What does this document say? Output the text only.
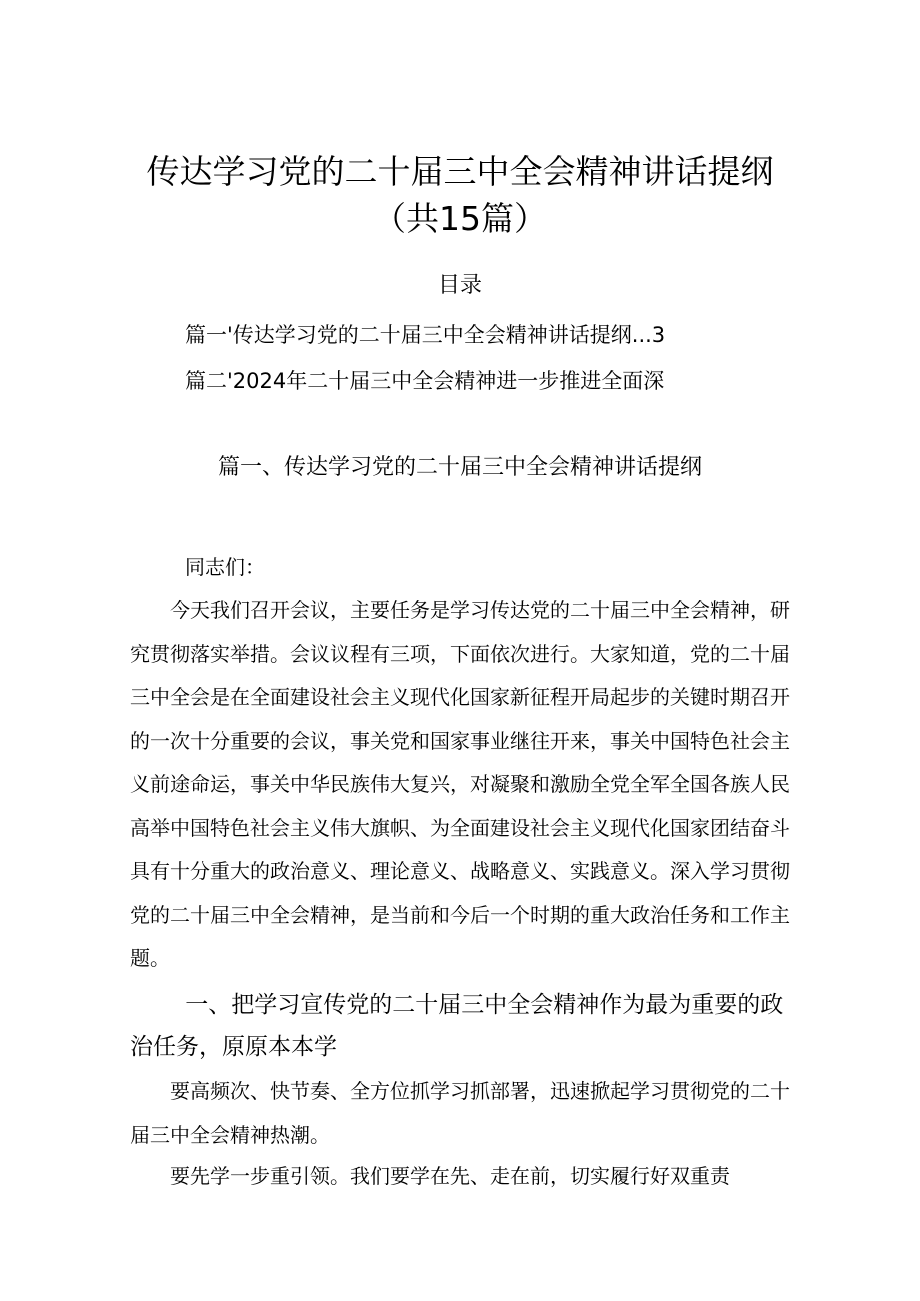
传达学习党的二十届三中全会精神讲话提纲（共15篇）
目录
篇一'传达学习党的二十届三中全会精神讲话提纲...3
篇二'2024年二十届三中全会精神进一步推进全面深
篇一、传达学习党的二十届三中全会精神讲话提纲
同志们：
今天我们召开会议，主要任务是学习传达党的二十届三中全会精神，研究贯彻落实举措。会议议程有三项，下面依次进行。大家知道，党的二十届三中全会是在全面建设社会主义现代化国家新征程开局起步的关键时期召开的一次十分重要的会议，事关党和国家事业继往开来，事关中国特色社会主义前途命运，事关中华民族伟大复兴，对凝聚和激励全党全军全国各族人民高举中国特色社会主义伟大旗帜、为全面建设社会主义现代化国家团结奋斗具有十分重大的政治意义、理论意义、战略意义、实践意义。深入学习贯彻党的二十届三中全会精神，是当前和今后一个时期的重大政治任务和工作主题。
一、把学习宣传党的二十届三中全会精神作为最为重要的政治任务，原原本本学
要高频次、快节奏、全方位抓学习抓部署，迅速掀起学习贯彻党的二十届三中全会精神热潮。
要先学一步重引领。我们要学在先、走在前，切实履行好双重责
